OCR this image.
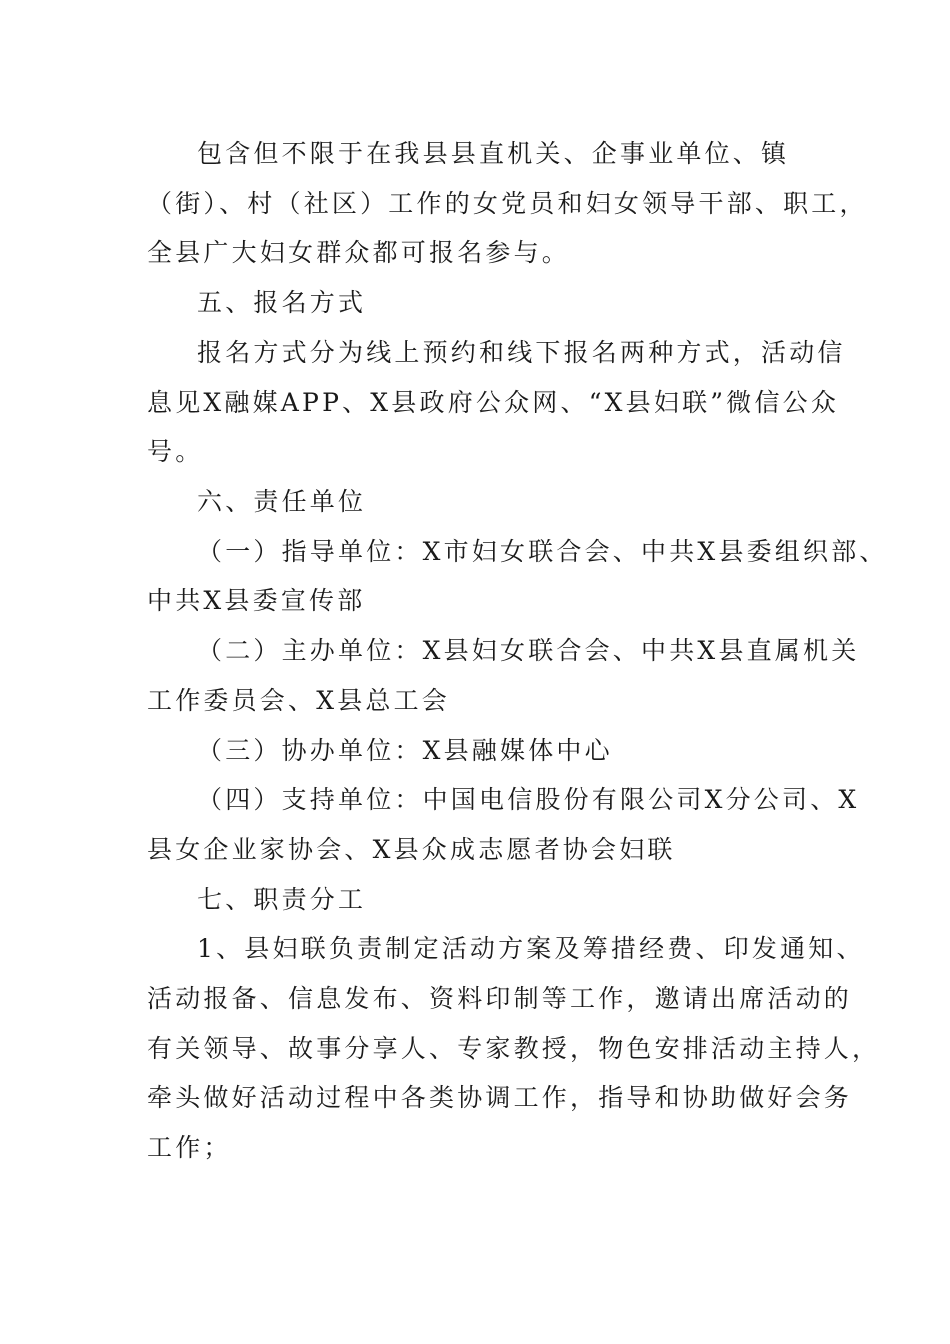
包含但不限于在我县县直机关、企事业单位、镇
（街）、村（社区）工作的女党员和妇女领导干部、职工，
全县广大妇女群众都可报名参与。
五、报名方式
报名方式分为线上预约和线下报名两种方式，活动信
息见X融媒APP、X县政府公众网、“X县妇联”微信公众
号。
六、责任单位
（一）指导单位：X市妇女联合会、中共X县委组织部、
中共X县委宣传部
（二）主办单位：X县妇女联合会、中共X县直属机关
工作委员会、X县总工会
（三）协办单位：X县融媒体中心
（四）支持单位：中国电信股份有限公司X分公司、X
县女企业家协会、X县众成志愿者协会妇联
七、职责分工
1、县妇联负责制定活动方案及筹措经费、印发通知、
活动报备、信息发布、资料印制等工作，邀请出席活动的
有关领导、故事分享人、专家教授，物色安排活动主持人，
牵头做好活动过程中各类协调工作，指导和协助做好会务
工作；
